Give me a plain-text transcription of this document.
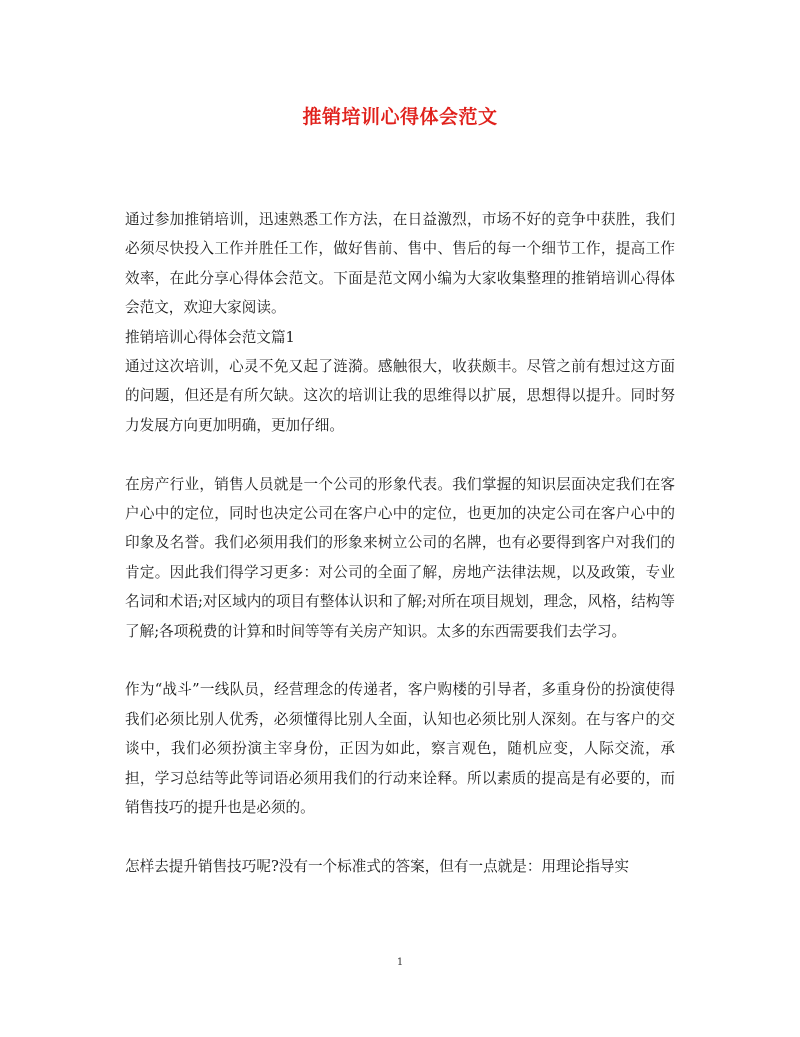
推销培训心得体会范文

通过参加推销培训，迅速熟悉工作方法，在日益激烈，市场不好的竞争中获胜，我们必须尽快投入工作并胜任工作，做好售前、售中、售后的每一个细节工作，提高工作效率，在此分享心得体会范文。下面是范文网小编为大家收集整理的推销培训心得体会范文，欢迎大家阅读。

推销培训心得体会范文篇1

通过这次培训，心灵不免又起了涟漪。感触很大，收获颇丰。尽管之前有想过这方面的问题，但还是有所欠缺。这次的培训让我的思维得以扩展，思想得以提升。同时努力发展方向更加明确，更加仔细。

在房产行业，销售人员就是一个公司的形象代表。我们掌握的知识层面决定我们在客户心中的定位，同时也决定公司在客户心中的定位，也更加的决定公司在客户心中的印象及名誉。我们必须用我们的形象来树立公司的名牌，也有必要得到客户对我们的肯定。因此我们得学习更多：对公司的全面了解，房地产法律法规，以及政策，专业名词和术语;对区域内的项目有整体认识和了解;对所在项目规划，理念，风格，结构等了解;各项税费的计算和时间等等有关房产知识。太多的东西需要我们去学习。

作为“战斗”一线队员，经营理念的传递者，客户购楼的引导者，多重身份的扮演使得我们必须比别人优秀，必须懂得比别人全面，认知也必须比别人深刻。在与客户的交谈中，我们必须扮演主宰身份，正因为如此，察言观色，随机应变，人际交流，承担，学习总结等此等词语必须用我们的行动来诠释。所以素质的提高是有必要的，而销售技巧的提升也是必须的。

怎样去提升销售技巧呢?没有一个标准式的答案，但有一点就是：用理论指导实

1
